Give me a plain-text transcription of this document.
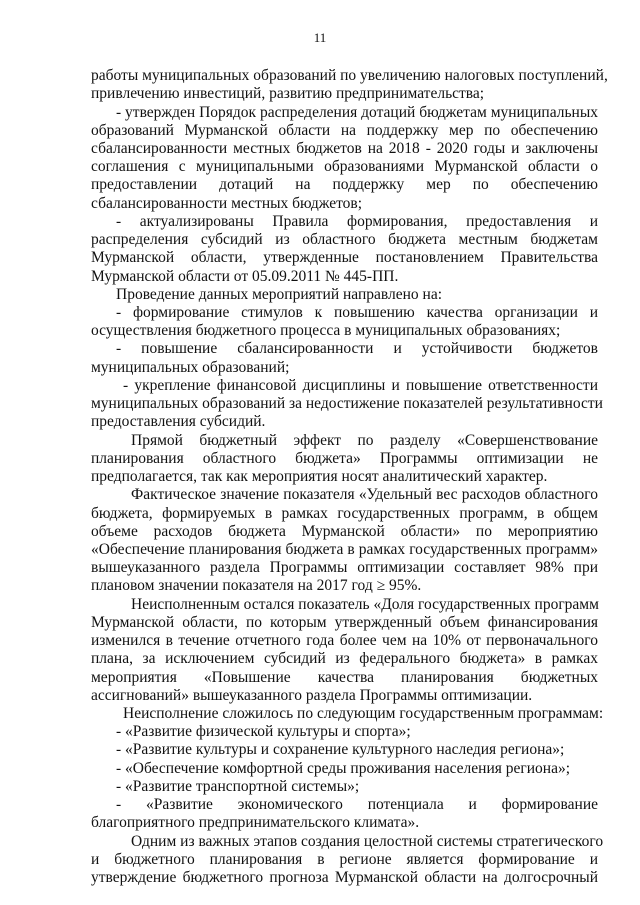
11
работы муниципальных образований по увеличению налоговых поступлений,
привлечению инвестиций, развитию предпринимательства;
- утвержден Порядок распределения дотаций бюджетам муниципальных
образований Мурманской области на поддержку мер по обеспечению
сбалансированности местных бюджетов на 2018 - 2020 годы и заключены
соглашения с муниципальными образованиями Мурманской области о
предоставлении дотаций на поддержку мер по обеспечению
сбалансированности местных бюджетов;
- актуализированы Правила формирования, предоставления и
распределения субсидий из областного бюджета местным бюджетам
Мурманской области, утвержденные постановлением Правительства
Мурманской области от 05.09.2011 № 445-ПП.
Проведение данных мероприятий направлено на:
- формирование стимулов к повышению качества организации и
осуществления бюджетного процесса в муниципальных образованиях;
- повышение сбалансированности и устойчивости бюджетов
муниципальных образований;
- укрепление финансовой дисциплины и повышение ответственности
муниципальных образований за недостижение показателей результативности
предоставления субсидий.
Прямой бюджетный эффект по разделу «Совершенствование
планирования областного бюджета» Программы оптимизации не
предполагается, так как мероприятия носят аналитический характер.
Фактическое значение показателя «Удельный вес расходов областного
бюджета, формируемых в рамках государственных программ, в общем
объеме расходов бюджета Мурманской области» по мероприятию
«Обеспечение планирования бюджета в рамках государственных программ»
вышеуказанного раздела Программы оптимизации составляет 98% при
плановом значении показателя на 2017 год ≥ 95%.
Неисполненным остался показатель «Доля государственных программ
Мурманской области, по которым утвержденный объем финансирования
изменился в течение отчетного года более чем на 10% от первоначального
плана, за исключением субсидий из федерального бюджета» в рамках
мероприятия «Повышение качества планирования бюджетных
ассигнований» вышеуказанного раздела Программы оптимизации.
Неисполнение сложилось по следующим государственным программам:
- «Развитие физической культуры и спорта»;
- «Развитие культуры и сохранение культурного наследия региона»;
- «Обеспечение комфортной среды проживания населения региона»;
- «Развитие транспортной системы»;
- «Развитие экономического потенциала и формирование
благоприятного предпринимательского климата».
Одним из важных этапов создания целостной системы стратегического
и бюджетного планирования в регионе является формирование и
утверждение бюджетного прогноза Мурманской области на долгосрочный
